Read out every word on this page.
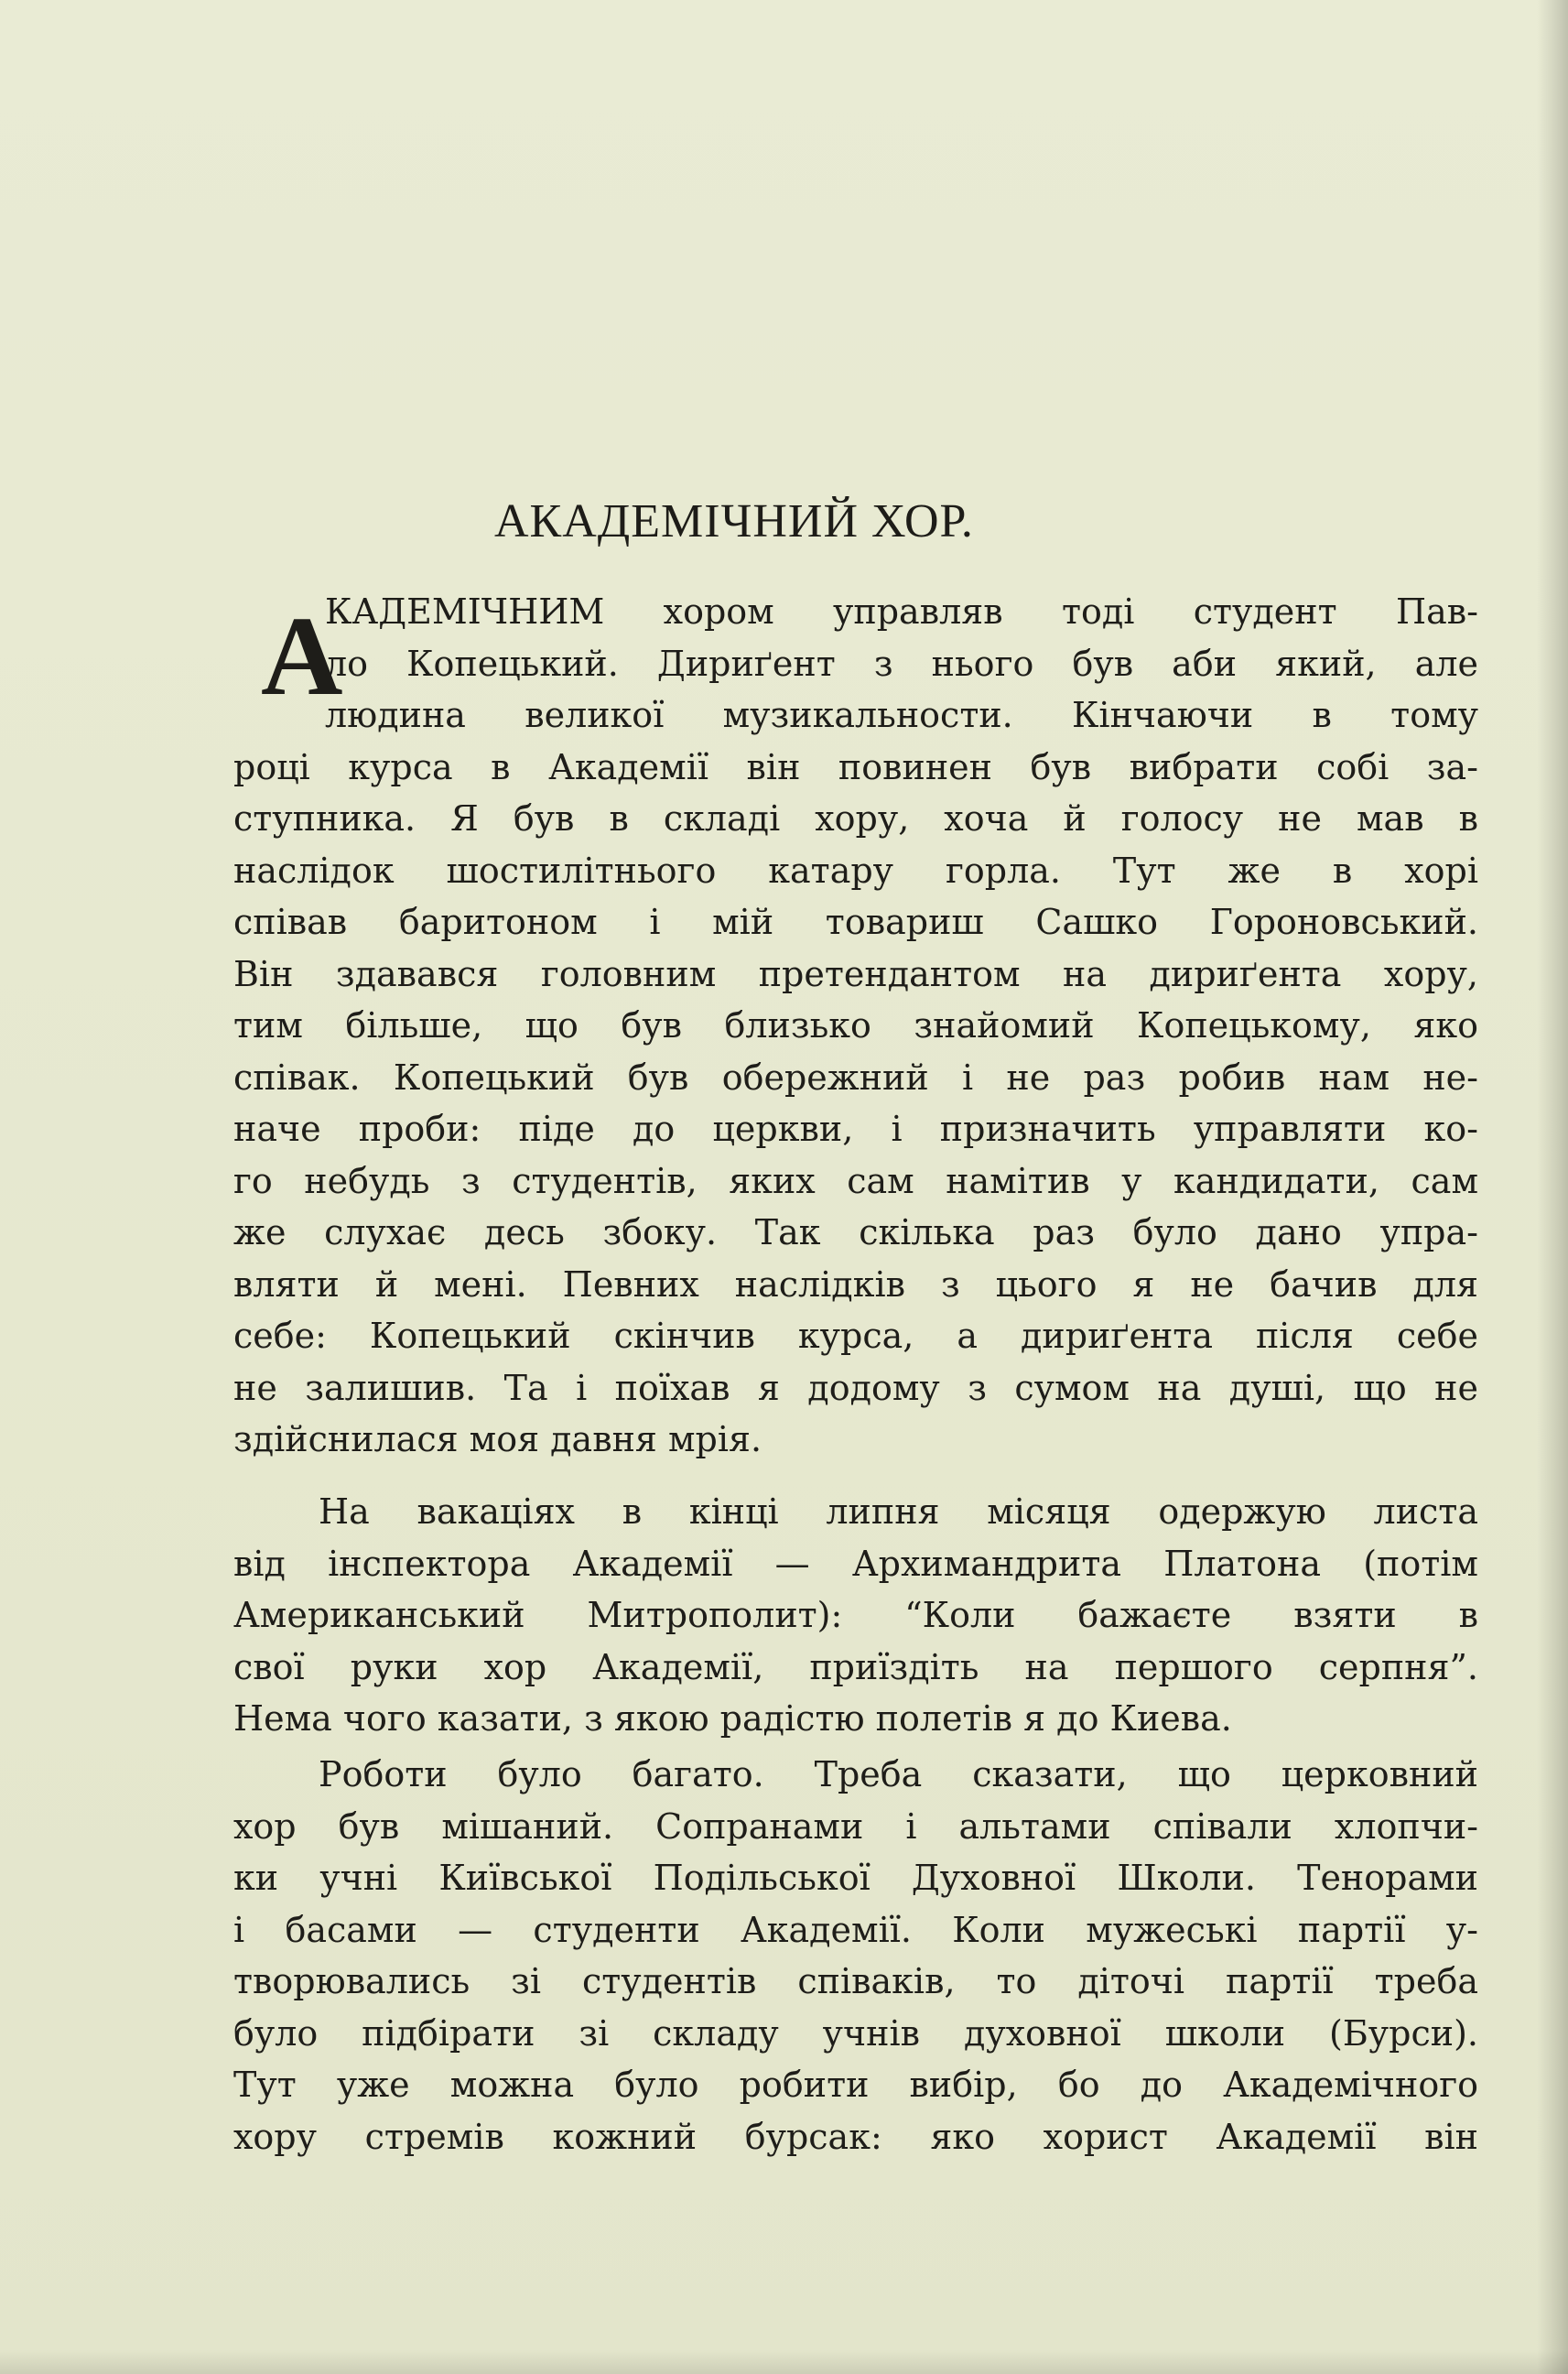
АКАДЕМІЧНИЙ ХОР.
А
КАДЕМІЧНИМ хором управляв тоді студент Пав-
ло Копецький. Дириґент з нього був аби який, але
людина великої музикальности. Кінчаючи в тому
році курса в Академії він повинен був вибрати собі за-
ступника. Я був в складі хору, хоча й голосу не мав в
наслідок шостилітнього катару горла. Тут же в хорі
співав баритоном і мій товариш Сашко Гороновський.
Він здавався головним претендантом на дириґента хору,
тим більше, що був близько знайомий Копецькому, яко
співак. Копецький був обережний і не раз робив нам не-
наче проби: піде до церкви, і призначить управляти ко-
го небудь з студентів, яких сам намітив у кандидати, сам
же слухає десь збоку. Так скілька раз було дано упра-
вляти й мені. Певних наслідків з цього я не бачив для
себе: Копецький скінчив курса, а дириґента після себе
не залишив. Та і поїхав я додому з сумом на душі, що не
здійснилася моя давня мрія.
На вакаціях в кінці липня місяця одержую листа
від інспектора Академії — Архимандрита Платона (потім
Американський Митрополит): “Коли бажаєте взяти в
свої руки хор Академії, приїздіть на першого серпня”.
Нема чого казати, з якою радістю полетів я до Киева.
Роботи було багато. Треба сказати, що церковний
хор був мішаний. Сопранами і альтами співали хлопчи-
ки учні Київської Подільської Духовної Школи. Тенорами
і басами — студенти Академії. Коли мужеські партії у-
творювались зі студентів співаків, то діточі партії треба
було підбірати зі складу учнів духовної школи (Бурси).
Тут уже можна було робити вибір, бо до Академічного
хору стремів кожний бурсак: яко хорист Академії він
